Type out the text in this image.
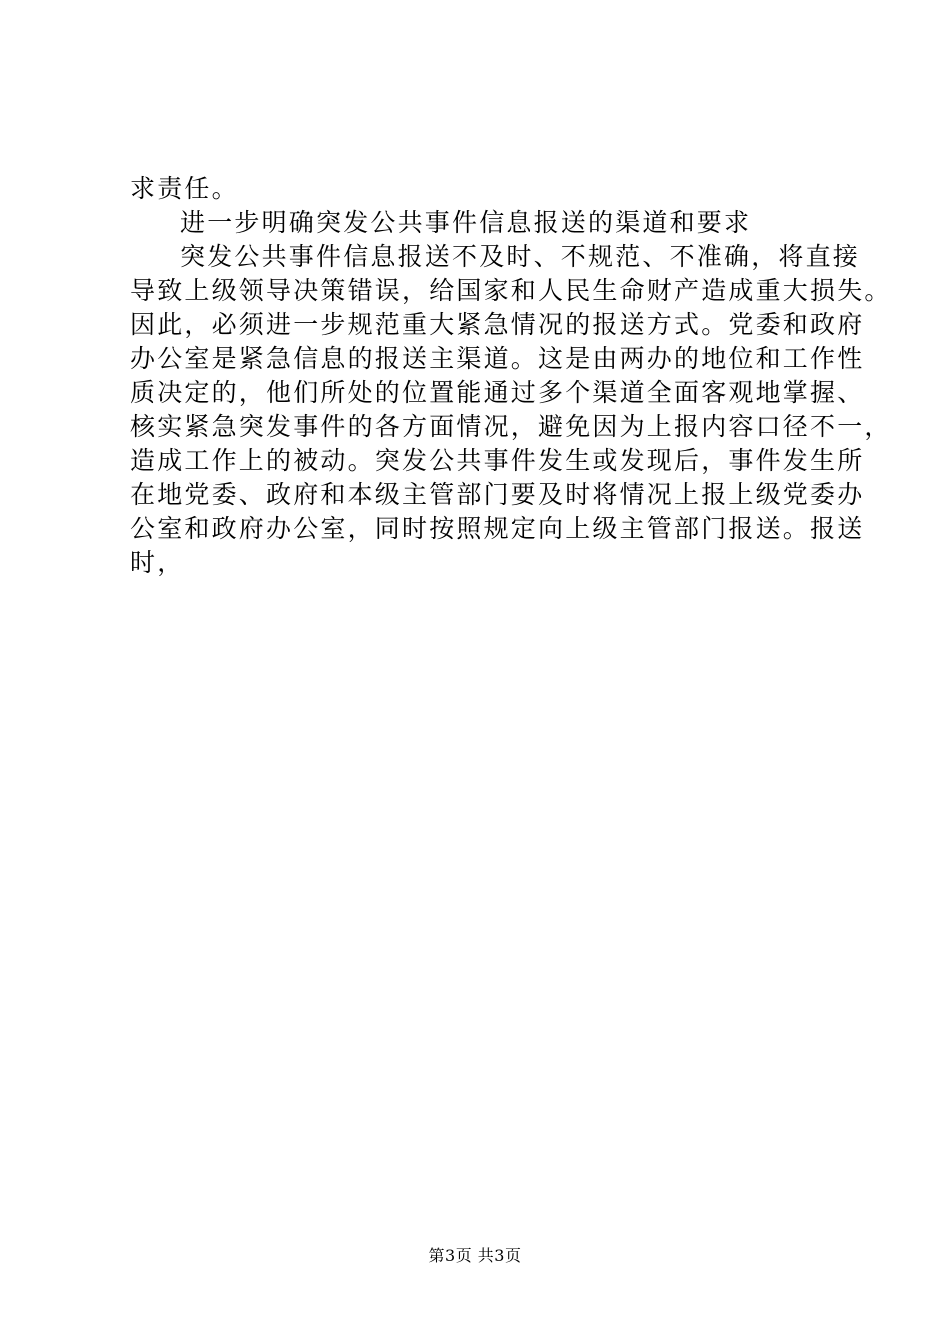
求责任。
进一步明确突发公共事件信息报送的渠道和要求
突发公共事件信息报送不及时、不规范、不准确，将直接
导致上级领导决策错误，给国家和人民生命财产造成重大损失。
因此，必须进一步规范重大紧急情况的报送方式。党委和政府
办公室是紧急信息的报送主渠道。这是由两办的地位和工作性
质决定的，他们所处的位置能通过多个渠道全面客观地掌握、
核实紧急突发事件的各方面情况，避免因为上报内容口径不一，
造成工作上的被动。突发公共事件发生或发现后，事件发生所
在地党委、政府和本级主管部门要及时将情况上报上级党委办
公室和政府办公室，同时按照规定向上级主管部门报送。报送
时，
第3页 共3页
